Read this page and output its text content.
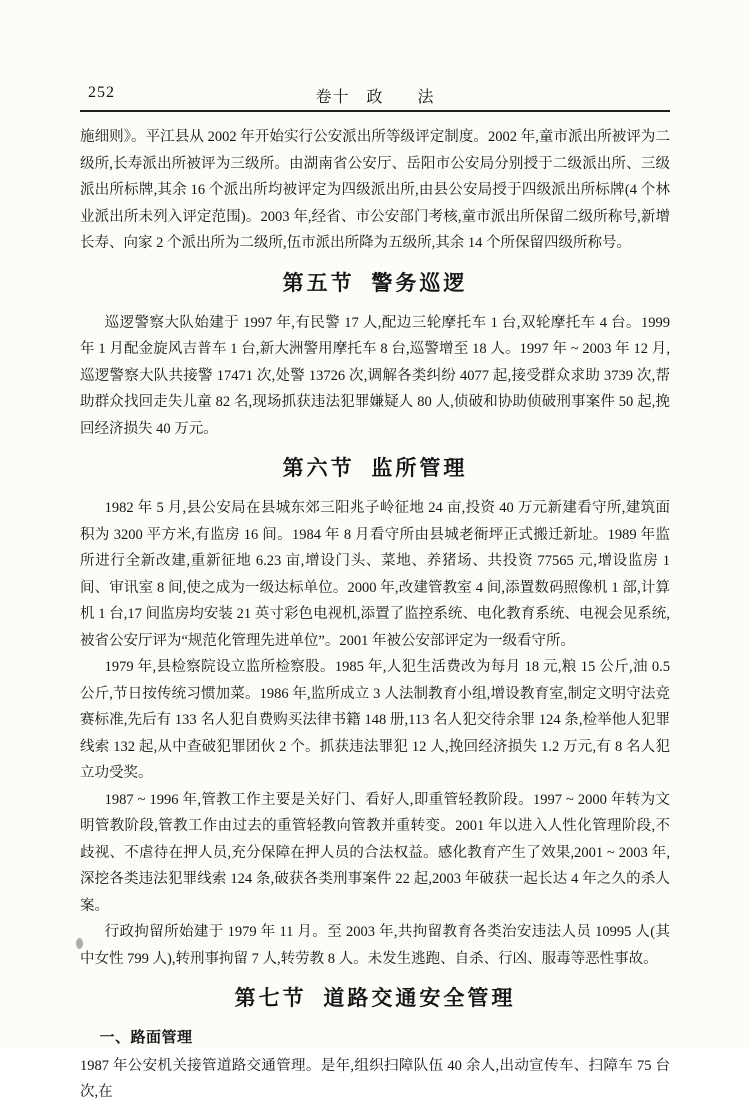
252	卷十　政　　法

施细则》。平江县从 2002 年开始实行公安派出所等级评定制度。2002 年,童市派出所被评为二级所,长寿派出所被评为三级所。由湖南省公安厅、岳阳市公安局分别授于二级派出所、三级派出所标牌,其余 16 个派出所均被评定为四级派出所,由县公安局授于四级派出所标牌(4 个林业派出所未列入评定范围)。2003 年,经省、市公安部门考核,童市派出所保留二级所称号,新增长寿、向家 2 个派出所为二级所,伍市派出所降为五级所,其余 14 个所保留四级所称号。

第五节 警务巡逻

巡逻警察大队始建于 1997 年,有民警 17 人,配边三轮摩托车 1 台,双轮摩托车 4 台。1999 年 1 月配金旋风吉普车 1 台,新大洲警用摩托车 8 台,巡警增至 18 人。1997 年 ~ 2003 年 12 月,巡逻警察大队共接警 17471 次,处警 13726 次,调解各类纠纷 4077 起,接受群众求助 3739 次,帮助群众找回走失儿童 82 名,现场抓获违法犯罪嫌疑人 80 人,侦破和协助侦破刑事案件 50 起,挽回经济损失 40 万元。

第六节 监所管理

1982 年 5 月,县公安局在县城东郊三阳兆子岭征地 24 亩,投资 40 万元新建看守所,建筑面积为 3200 平方米,有监房 16 间。1984 年 8 月看守所由县城老衙坪正式搬迁新址。1989 年监所进行全新改建,重新征地 6.23 亩,增设门头、菜地、养猪场、共投资 77565 元,增设监房 1 间、审讯室 8 间,使之成为一级达标单位。2000 年,改建管教室 4 间,添置数码照像机 1 部,计算机 1 台,17 间监房均安装 21 英寸彩色电视机,添置了监控系统、电化教育系统、电视会见系统,被省公安厅评为“规范化管理先进单位”。2001 年被公安部评定为一级看守所。

1979 年,县检察院设立监所检察股。1985 年,人犯生活费改为每月 18 元,粮 15 公斤,油 0.5 公斤,节日按传统习惯加菜。1986 年,监所成立 3 人法制教育小组,增设教育室,制定文明守法竞赛标准,先后有 133 名人犯自费购买法律书籍 148 册,113 名人犯交待余罪 124 条,检举他人犯罪线索 132 起,从中查破犯罪团伙 2 个。抓获违法罪犯 12 人,挽回经济损失 1.2 万元,有 8 名人犯立功受奖。

1987 ~ 1996 年,管教工作主要是关好门、看好人,即重管轻教阶段。1997 ~ 2000 年转为文明管教阶段,管教工作由过去的重管轻教向管教并重转变。2001 年以进入人性化管理阶段,不歧视、不虐待在押人员,充分保障在押人员的合法权益。感化教育产生了效果,2001 ~ 2003 年,深挖各类违法犯罪线索 124 条,破获各类刑事案件 22 起,2003 年破获一起长达 4 年之久的杀人案。

行政拘留所始建于 1979 年 11 月。至 2003 年,共拘留教育各类治安违法人员 10995 人(其中女性 799 人),转刑事拘留 7 人,转劳教 8 人。未发生逃跑、自杀、行凶、服毒等恶性事故。

第七节 道路交通安全管理
一、路面管理

1987 年公安机关接管道路交通管理。是年,组织扫障队伍 40 余人,出动宣传车、扫障车 75 台次,在
